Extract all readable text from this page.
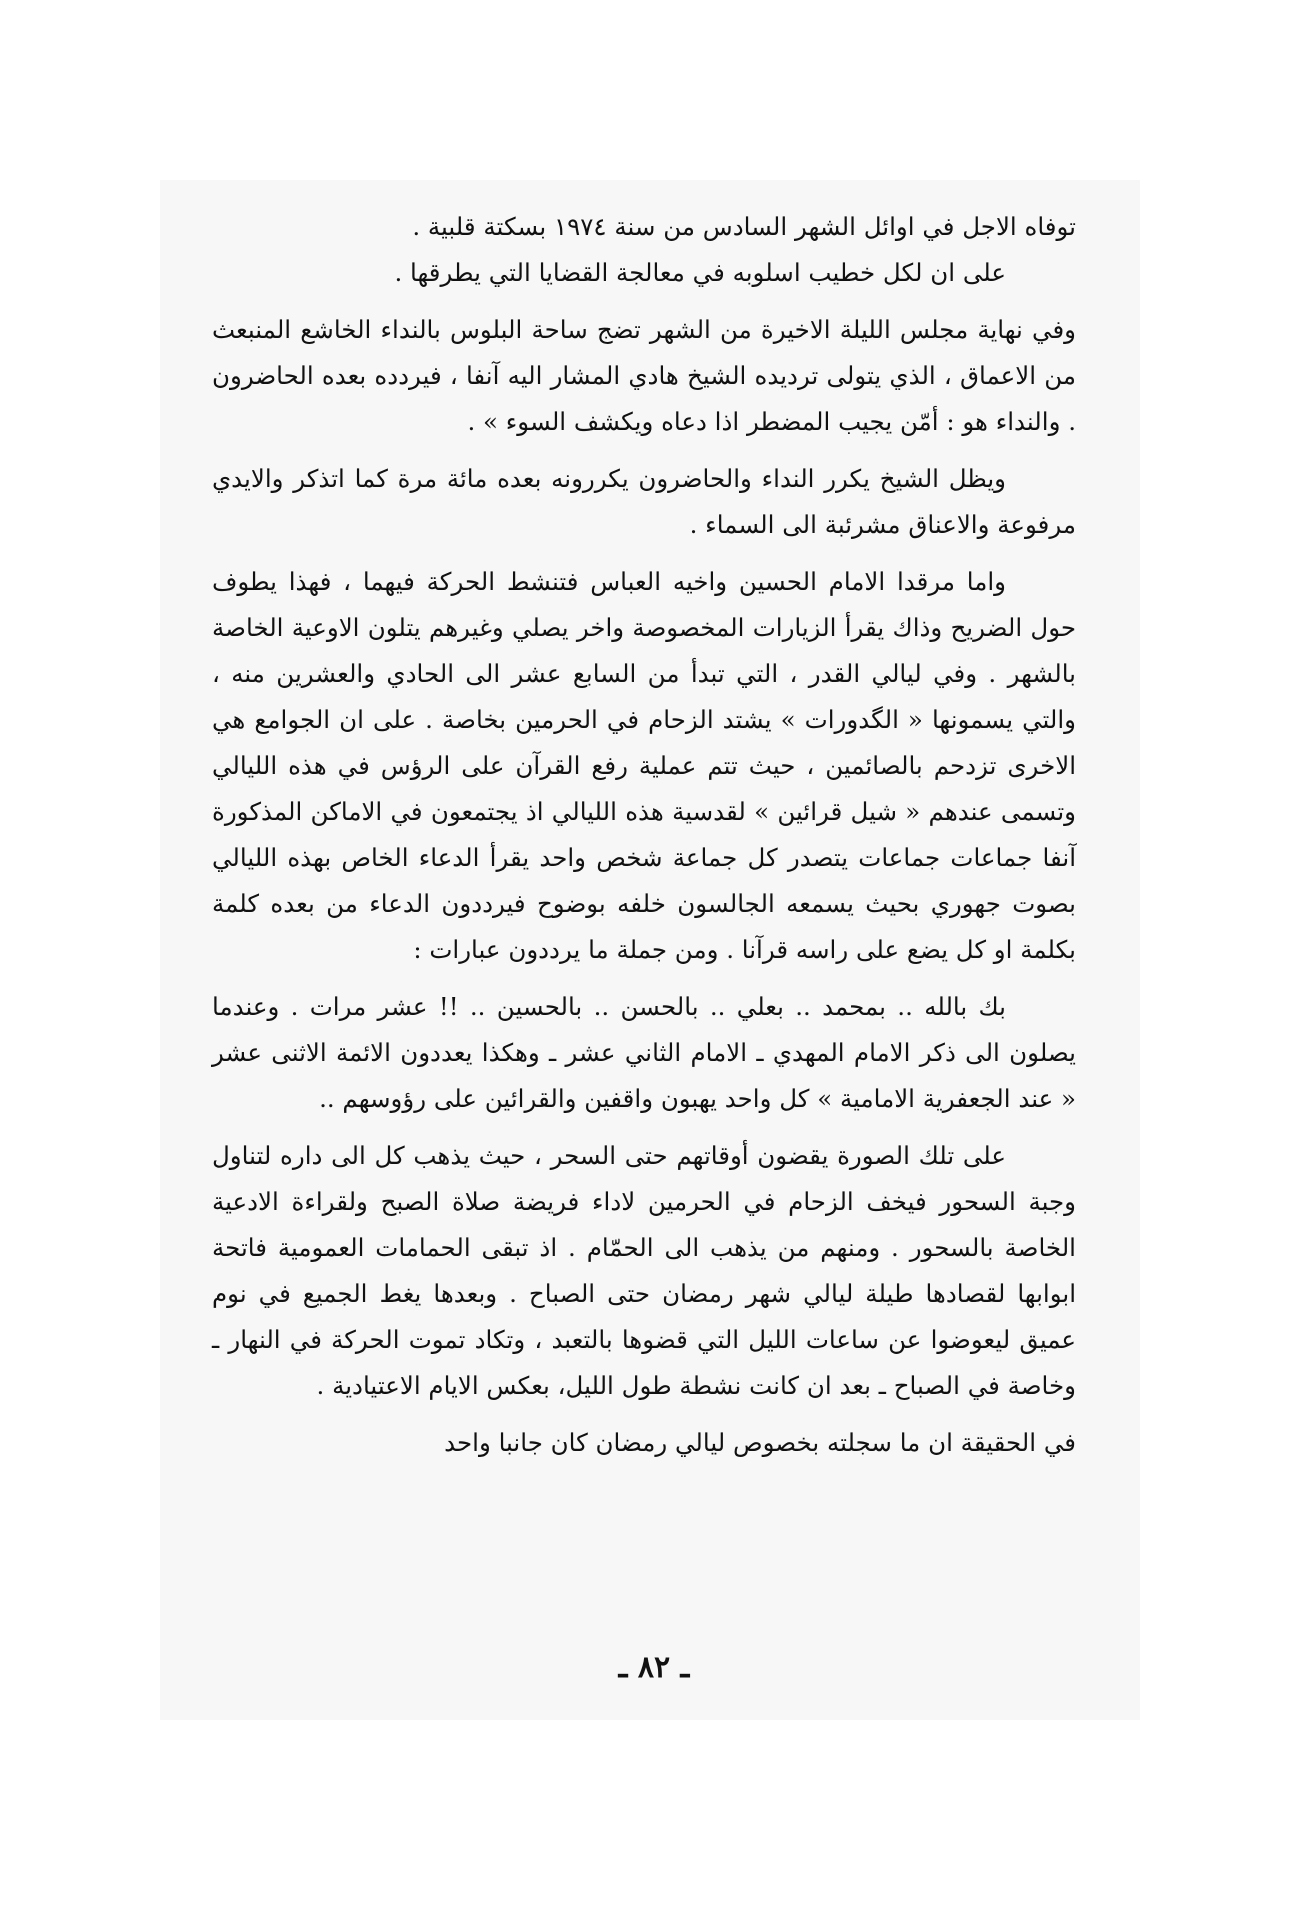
توفاه الاجل في اوائل الشهر السادس من سنة ١٩٧٤ بسكتة قلبية .

على ان لكل خطيب اسلوبه في معالجة القضايا التي يطرقها .

وفي نهاية مجلس الليلة الاخيرة من الشهر تضج ساحة البلوس بالنداء الخاشع المنبعث من الاعماق ، الذي يتولى ترديده الشيخ هادي المشار اليه آنفا ، فيردده بعده الحاضرون . والنداء هو : أمّن يجيب المضطر اذا دعاه ويكشف السوء » .

ويظل الشيخ يكرر النداء والحاضرون يكررونه بعده مائة مرة كما اتذكر والايدي مرفوعة والاعناق مشرئبة الى السماء .

واما مرقدا الامام الحسين واخيه العباس فتنشط الحركة فيهما ، فهذا يطوف حول الضريح وذاك يقرأ الزيارات المخصوصة واخر يصلي وغيرهم يتلون الاوعية الخاصة بالشهر . وفي ليالي القدر ، التي تبدأ من السابع عشر الى الحادي والعشرين منه ، والتي يسمونها « الگدورات » يشتد الزحام في الحرمين بخاصة . على ان الجوامع هي الاخرى تزدحم بالصائمين ، حيث تتم عملية رفع القرآن على الرؤس في هذه الليالي وتسمى عندهم « شيل قرائين » لقدسية هذه الليالي اذ يجتمعون في الاماكن المذكورة آنفا جماعات جماعات يتصدر كل جماعة شخص واحد يقرأ الدعاء الخاص بهذه الليالي بصوت جهوري بحيث يسمعه الجالسون خلفه بوضوح فيرددون الدعاء من بعده كلمة بكلمة او كل يضع على راسه قرآنا . ومن جملة ما يرددون عبارات :

بك بالله .. بمحمد .. بعلي .. بالحسن .. بالحسين .. !! عشر مرات . وعندما يصلون الى ذكر الامام المهدي ـ الامام الثاني عشر ـ وهكذا يعددون الائمة الاثنى عشر « عند الجعفرية الامامية » كل واحد يهبون واقفين والقرائين على رؤوسهم ..

على تلك الصورة يقضون أوقاتهم حتى السحر ، حيث يذهب كل الى داره لتناول وجبة السحور فيخف الزحام في الحرمين لاداء فريضة صلاة الصبح ولقراءة الادعية الخاصة بالسحور . ومنهم من يذهب الى الحمّام . اذ تبقى الحمامات العمومية فاتحة ابوابها لقصادها طيلة ليالي شهر رمضان حتى الصباح . وبعدها يغط الجميع في نوم عميق ليعوضوا عن ساعات الليل التي قضوها بالتعبد ، وتكاد تموت الحركة في النهار ـ وخاصة في الصباح ـ بعد ان كانت نشطة طول الليل، بعكس الايام الاعتيادية .

في الحقيقة ان ما سجلته بخصوص ليالي رمضان كان جانبا واحد

ـ ٨٢ ـ
